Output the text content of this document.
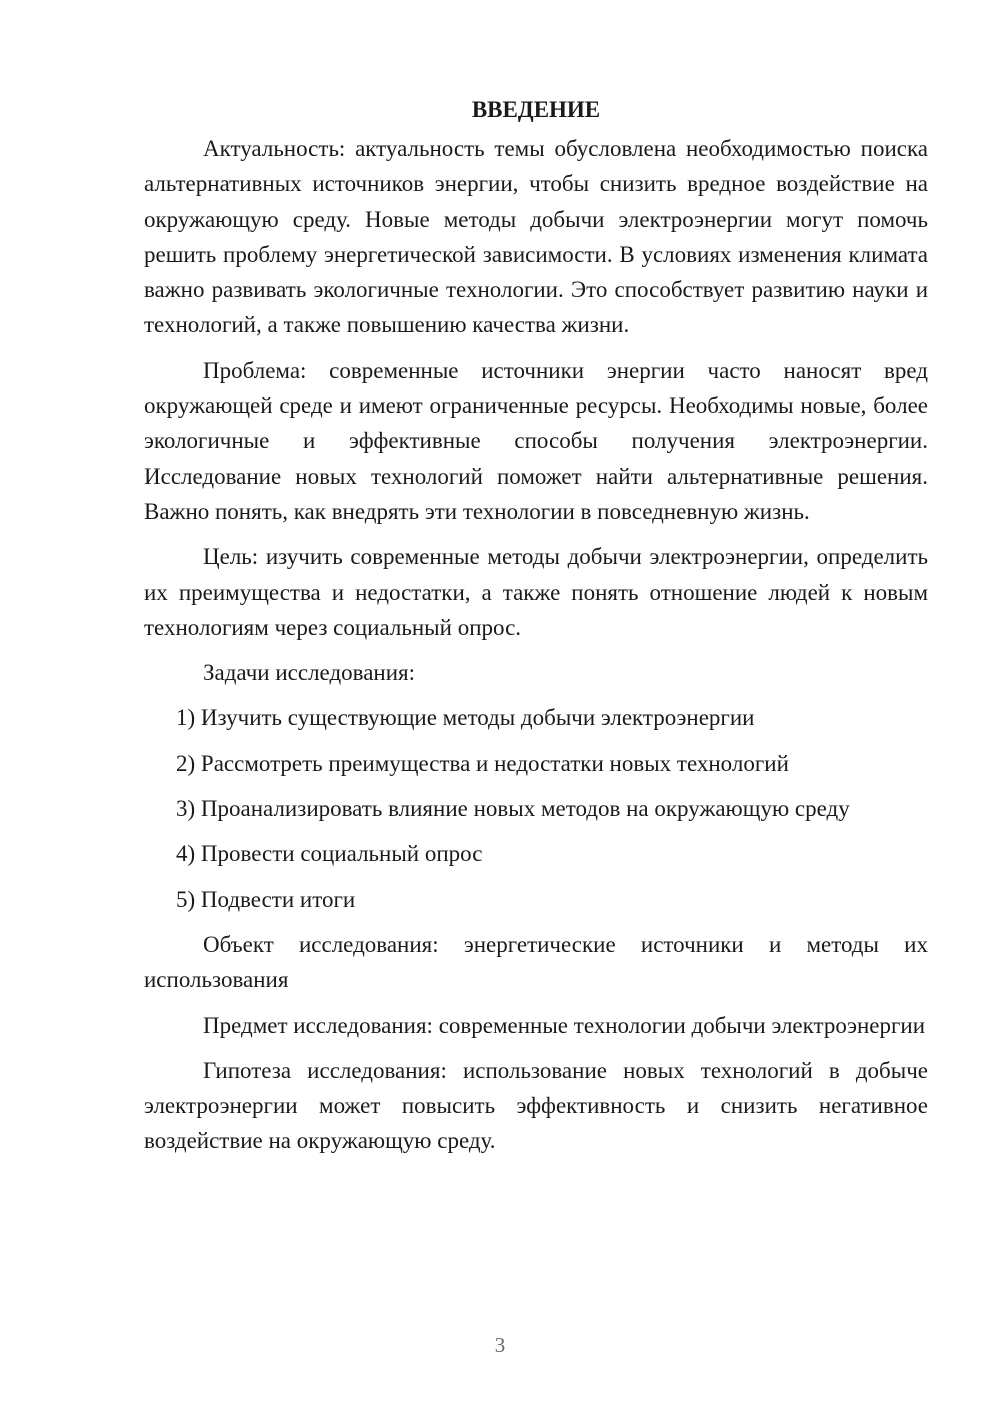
ВВЕДЕНИЕ

Актуальность: актуальность темы обусловлена необходимостью поиска альтернативных источников энергии, чтобы снизить вредное воздействие на окружающую среду. Новые методы добычи электроэнергии могут помочь решить проблему энергетической зависимости. В условиях изменения климата важно развивать экологичные технологии. Это способствует развитию науки и технологий, а также повышению качества жизни.

Проблема: современные источники энергии часто наносят вред окружающей среде и имеют ограниченные ресурсы. Необходимы новые, более экологичные и эффективные способы получения электроэнергии. Исследование новых технологий поможет найти альтернативные решения. Важно понять, как внедрять эти технологии в повседневную жизнь.

Цель: изучить современные методы добычи электроэнергии, определить их преимущества и недостатки, а также понять отношение людей к новым технологиям через социальный опрос.

Задачи исследования:

1) Изучить существующие методы добычи электроэнергии
2) Рассмотреть преимущества и недостатки новых технологий
3) Проанализировать влияние новых методов на окружающую среду
4) Провести социальный опрос
5) Подвести итоги

Объект исследования: энергетические источники и методы их использования

Предмет исследования: современные технологии добычи электроэнергии

Гипотеза исследования: использование новых технологий в добыче электроэнергии может повысить эффективность и снизить негативное воздействие на окружающую среду.

3
